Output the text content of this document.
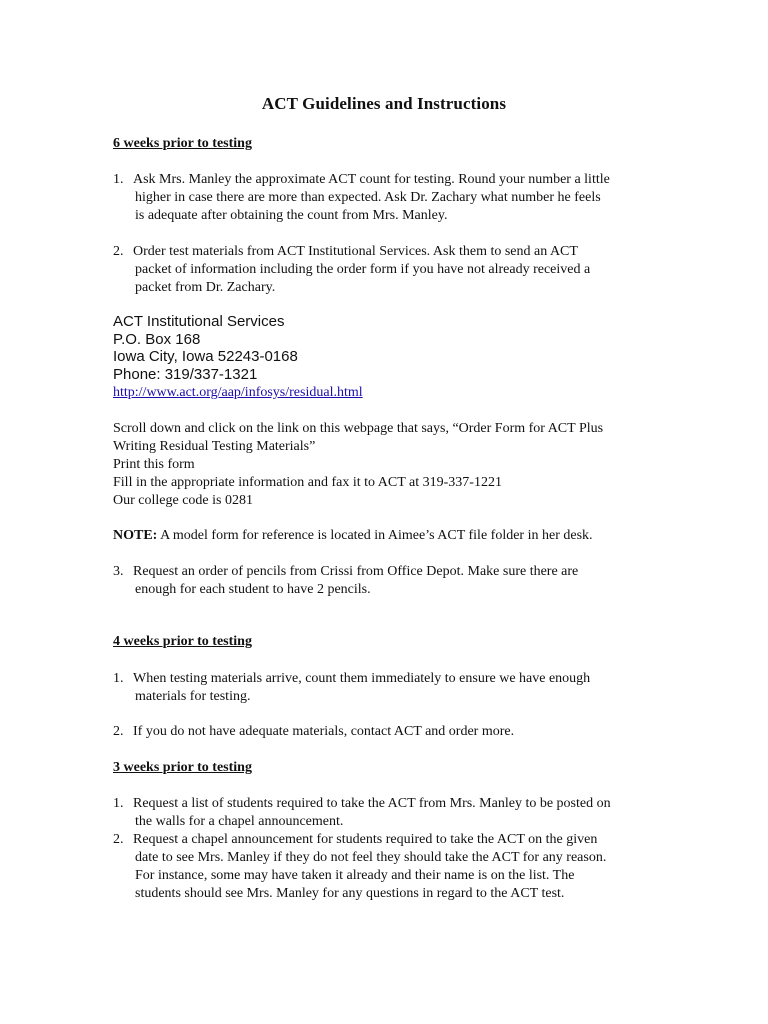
ACT Guidelines and Instructions
6 weeks prior to testing
1. Ask Mrs. Manley the approximate ACT count for testing. Round your number a little
higher in case there are more than expected. Ask Dr. Zachary what number he feels
is adequate after obtaining the count from Mrs. Manley.
2. Order test materials from ACT Institutional Services. Ask them to send an ACT
packet of information including the order form if you have not already received a
packet from Dr. Zachary.
ACT Institutional Services
P.O. Box 168
Iowa City, Iowa 52243-0168
Phone: 319/337-1321
http://www.act.org/aap/infosys/residual.html
Scroll down and click on the link on this webpage that says, “Order Form for ACT Plus
Writing Residual Testing Materials”
Print this form
Fill in the appropriate information and fax it to ACT at 319-337-1221
Our college code is 0281
NOTE: A model form for reference is located in Aimee’s ACT file folder in her desk.
3. Request an order of pencils from Crissi from Office Depot. Make sure there are
enough for each student to have 2 pencils.
4 weeks prior to testing
1. When testing materials arrive, count them immediately to ensure we have enough
materials for testing.
2. If you do not have adequate materials, contact ACT and order more.
3 weeks prior to testing
1. Request a list of students required to take the ACT from Mrs. Manley to be posted on
the walls for a chapel announcement.
2. Request a chapel announcement for students required to take the ACT on the given
date to see Mrs. Manley if they do not feel they should take the ACT for any reason.
For instance, some may have taken it already and their name is on the list. The
students should see Mrs. Manley for any questions in regard to the ACT test.
